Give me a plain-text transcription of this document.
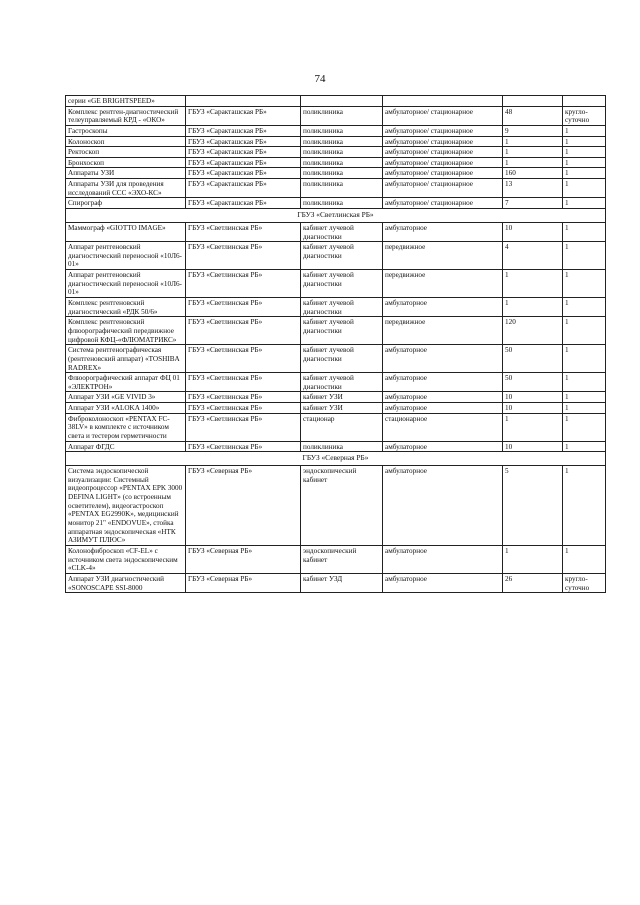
74
серии «GE BRIGHTSPEED»					
Комплекс рентген-диагностический телеуправляемый КРД - «ОКО»	ГБУЗ «Саракташская РБ»	поликлиника	амбулаторное/ стационарное	48	кругло-суточно
Гастроскопы	ГБУЗ «Саракташская РБ»	поликлиника	амбулаторное/ стационарное	9	1
Колоноскоп	ГБУЗ «Саракташская РБ»	поликлиника	амбулаторное/ стационарное	1	1
Ректоскоп	ГБУЗ «Саракташская РБ»	поликлиника	амбулаторное/ стационарное	1	1
Бронхоскоп	ГБУЗ «Саракташская РБ»	поликлиника	амбулаторное/ стационарное	1	1
Аппараты УЗИ	ГБУЗ «Саракташская РБ»	поликлиника	амбулаторное/ стационарное	160	1
Аппараты УЗИ для проведения исследований ССС «ЭХО-КС»	ГБУЗ «Саракташская РБ»	поликлиника	амбулаторное/ стационарное	13	1
Спирограф	ГБУЗ «Саракташская РБ»	поликлиника	амбулаторное/ стационарное	7	1
ГБУЗ «Светлинская РБ»					
Маммограф «GIOTTO IMAGE»	ГБУЗ «Светлинская РБ»	кабинет лучевой диагностики	амбулаторное	10	1
Аппарат рентгеновский диагностический переносной «10Л6-01»	ГБУЗ «Светлинская РБ»	кабинет лучевой диагностики	передвижное	4	1
Аппарат рентгеновский диагностический переносной «10Л6-01»	ГБУЗ «Светлинская РБ»	кабинет лучевой диагностики	передвижное	1	1
Комплекс рентгеновский диагностический «РДК 50/6»	ГБУЗ «Светлинская РБ»	кабинет лучевой диагностики	амбулаторное	1	1
Комплекс рентгеновский флюорографический передвижное цифровой КФЦ-«ФЛЮМАТРИКС»	ГБУЗ «Светлинская РБ»	кабинет лучевой диагностики	передвижное	120	1
Система рентгенографическая (рентгеновский аппарат) «TOSHIBA RADREX»	ГБУЗ «Светлинская РБ»	кабинет лучевой диагностики	амбулаторное	50	1
Флюорографический аппарат ФЦ 01 «ЭЛЕКТРОН»	ГБУЗ «Светлинская РБ»	кабинет лучевой диагностики	амбулаторное	50	1
Аппарат УЗИ «GE VIVID 3»	ГБУЗ «Светлинская РБ»	кабинет УЗИ	амбулаторное	10	1
Аппарат УЗИ «ALOKA 1400»	ГБУЗ «Светлинская РБ»	кабинет УЗИ	амбулаторное	10	1
Фиброколоноскоп «PENTAX FC-38LV» в комплекте с источником света и тестером герметичности	ГБУЗ «Светлинская РБ»	стационар	стационарное	1	1
Аппарат ФГДС	ГБУЗ «Светлинская РБ»	поликлиника	амбулаторное	10	1
ГБУЗ «Северная РБ»					
Система эндоскопической визуализации: Системный видеопроцессор «PENTAX EPK 3000 DEFINA LIGHT» (со встроенным осветителем), видеогастроскоп «PENTAX EG2990K», медицинский монитор 21" «ENDOVUE», стойка аппаратная эндоскопическая «НТК АЗИМУТ ПЛЮС»	ГБУЗ «Северная РБ»	эндоскопический кабинет	амбулаторное	5	1
Колонофиброскоп «CF-EL» с источником света эндоскопическим «CLK-4»	ГБУЗ «Северная РБ»	эндоскопический кабинет	амбулаторное	1	1
Аппарат УЗИ диагностический «SONOSCAPE SSI-8000	ГБУЗ «Северная РБ»	кабинет УЗД	амбулаторное	26	кругло-суточно
